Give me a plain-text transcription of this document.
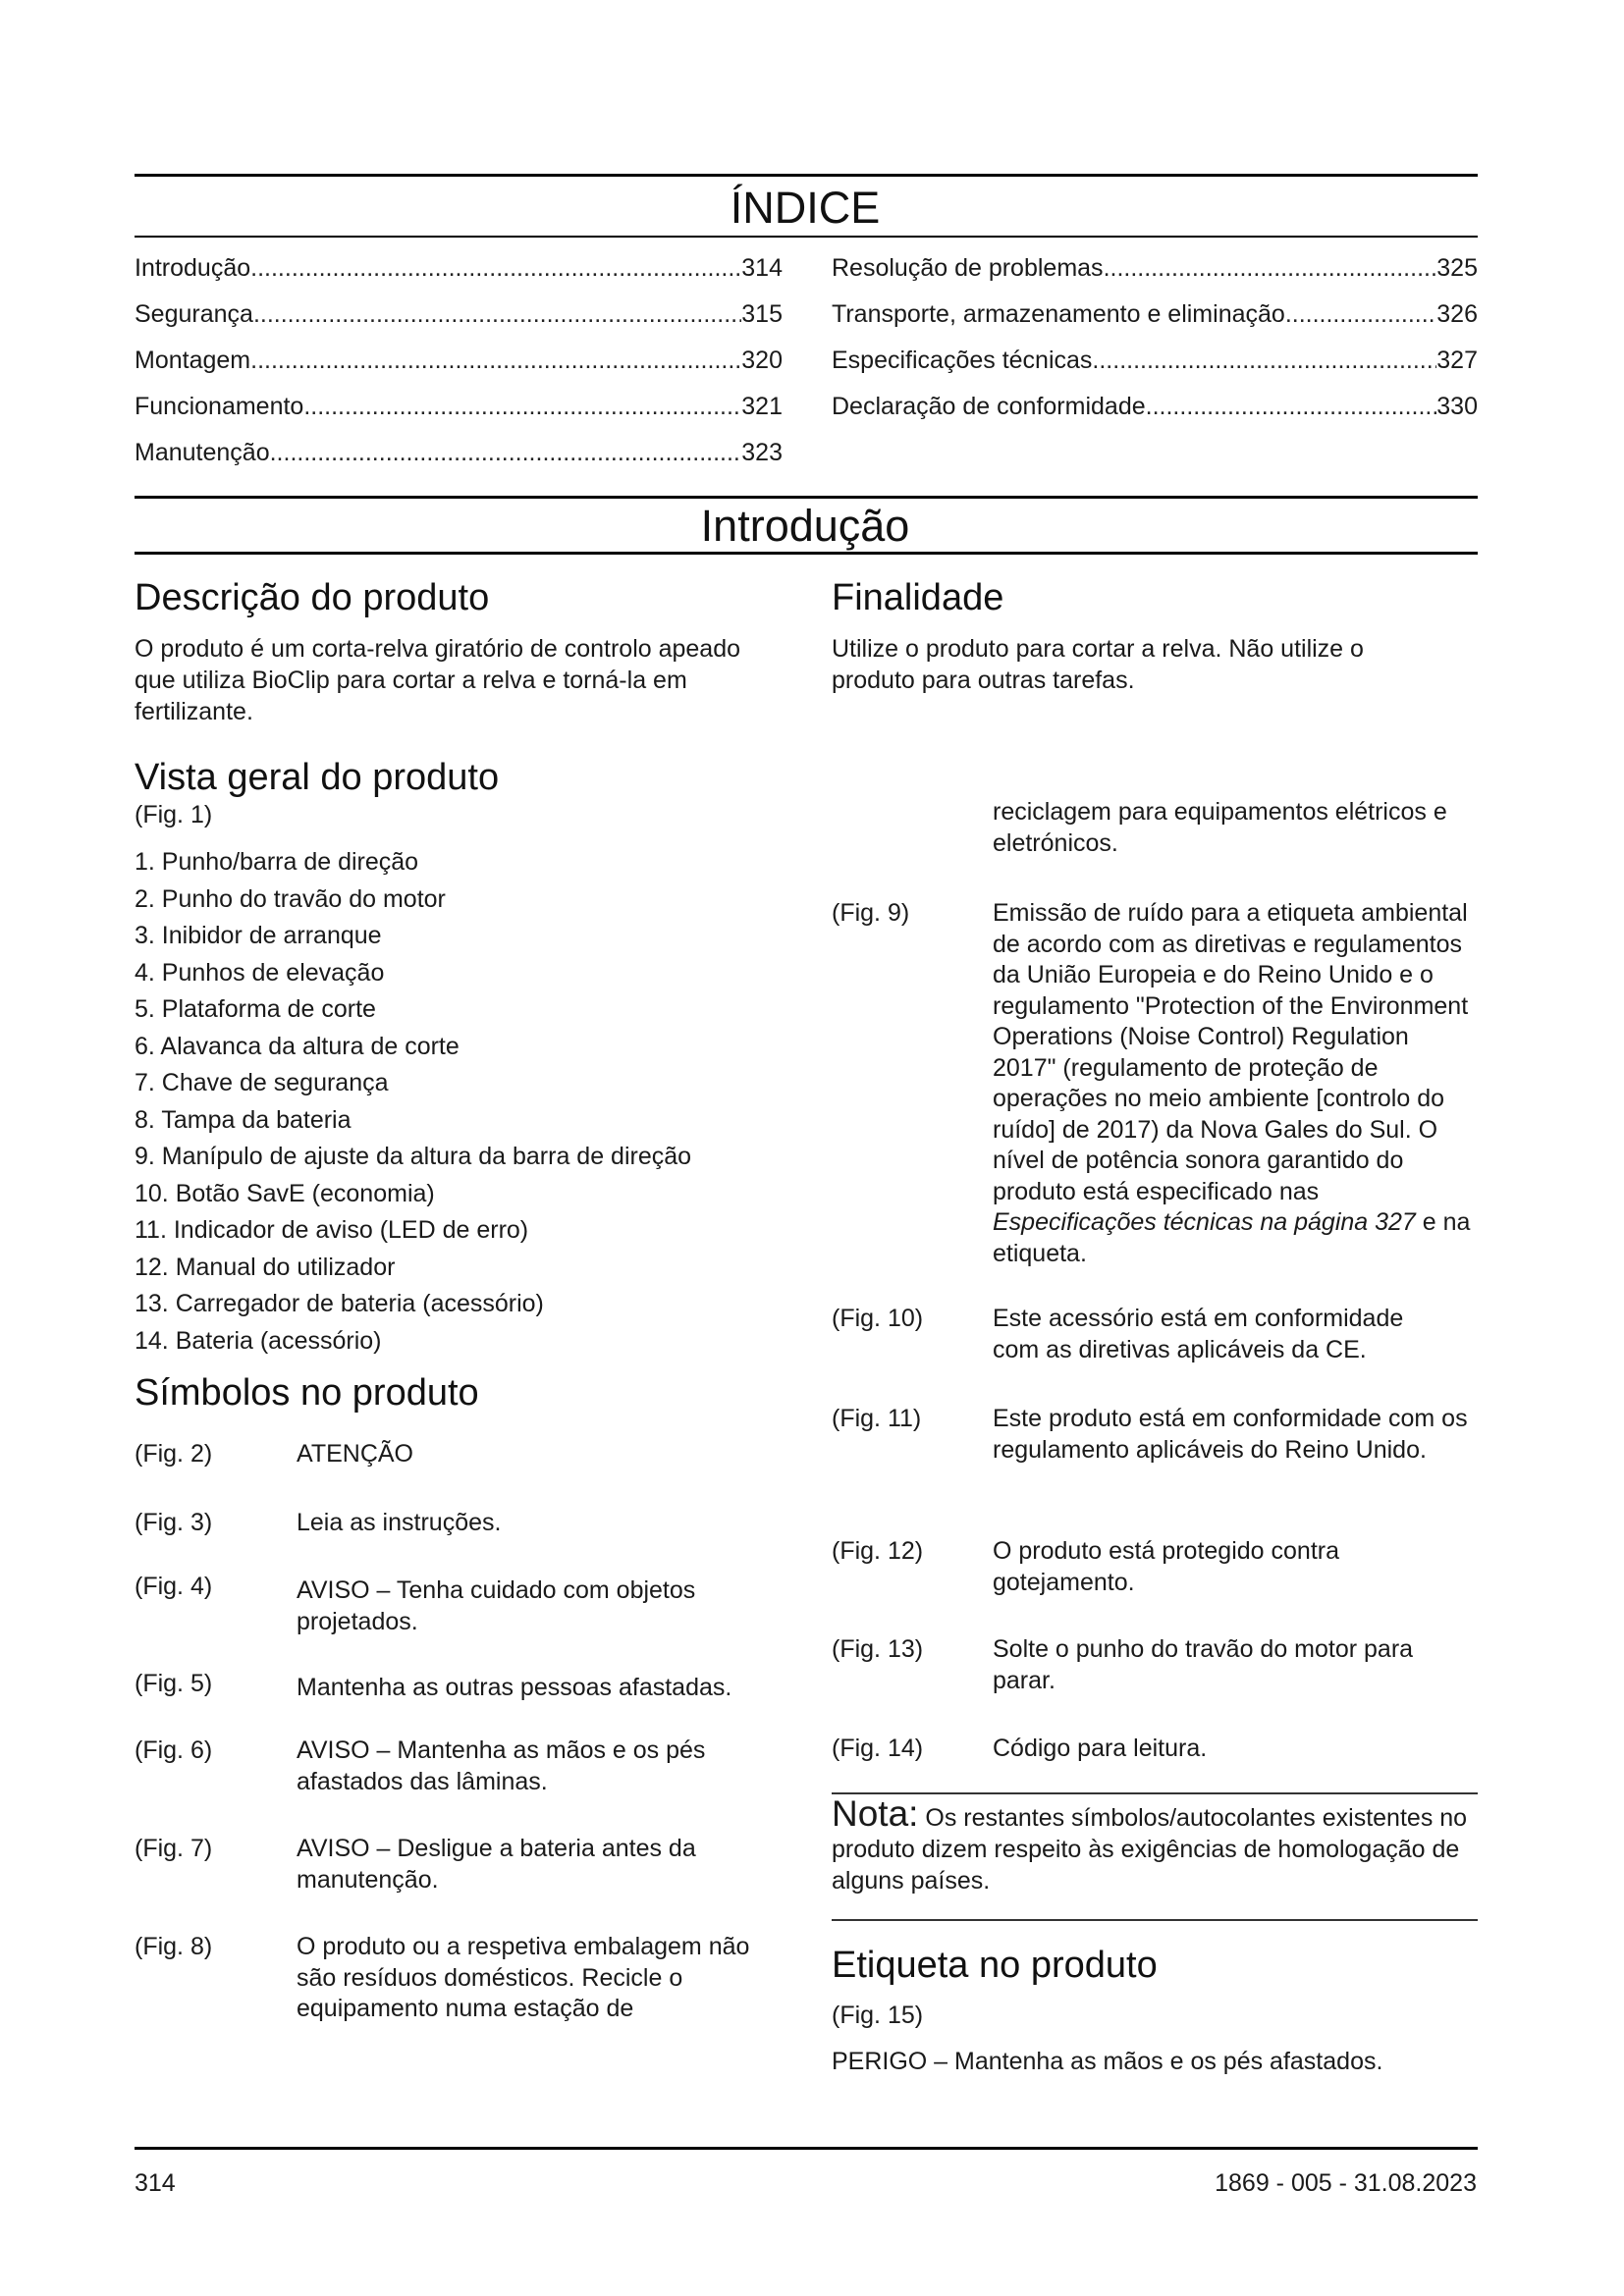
ÍNDICE
Introdução .....	314
Segurança .....	315
Montagem .....	320
Funcionamento .....	321
Manutenção .....	323
Resolução de problemas .....	325
Transporte, armazenamento e eliminação .....	326
Especificações técnicas .....	327
Declaração de conformidade .....	330
Introdução
Descrição do produto

O produto é um corta-relva giratório de controlo apeado que utiliza BioClip para cortar a relva e torná-la em fertilizante.

Vista geral do produto
(Fig. 1)
1. Punho/barra de direção
2. Punho do travão do motor
3. Inibidor de arranque
4. Punhos de elevação
5. Plataforma de corte
6. Alavanca da altura de corte
7. Chave de segurança
8. Tampa da bateria
9. Manípulo de ajuste da altura da barra de direção
10. Botão SavE (economia)
11. Indicador de aviso (LED de erro)
12. Manual do utilizador
13. Carregador de bateria (acessório)
14. Bateria (acessório)
Símbolos no produto
(Fig. 2)	ATENÇÃO
(Fig. 3)	Leia as instruções.
(Fig. 4)	AVISO – Tenha cuidado com objetos projetados.
(Fig. 5)	Mantenha as outras pessoas afastadas.
(Fig. 6)	AVISO – Mantenha as mãos e os pés afastados das lâminas.
(Fig. 7)	AVISO – Desligue a bateria antes da manutenção.
(Fig. 8)	O produto ou a respetiva embalagem não são resíduos domésticos. Recicle o equipamento numa estação de
Finalidade

Utilize o produto para cortar a relva. Não utilize o produto para outras tarefas.

reciclagem para equipamentos elétricos e eletrónicos.
(Fig. 9)	Emissão de ruído para a etiqueta ambiental de acordo com as diretivas e regulamentos da União Europeia e do Reino Unido e o regulamento "Protection of the Environment Operations (Noise Control) Regulation 2017" (regulamento de proteção de operações no meio ambiente [controlo do ruído] de 2017) da Nova Gales do Sul. O nível de potência sonora garantido do produto está especificado nas Especificações técnicas na página 327 e na etiqueta.
(Fig. 10)	Este acessório está em conformidade com as diretivas aplicáveis da CE.
(Fig. 11)	Este produto está em conformidade com os regulamento aplicáveis do Reino Unido.
(Fig. 12)	O produto está protegido contra gotejamento.
(Fig. 13)	Solte o punho do travão do motor para parar.
(Fig. 14)	Código para leitura.
Nota: Os restantes símbolos/autocolantes existentes no produto dizem respeito às exigências de homologação de alguns países.
Etiqueta no produto
(Fig. 15)
PERIGO – Mantenha as mãos e os pés afastados.
314	1869 - 005 - 31.08.2023
